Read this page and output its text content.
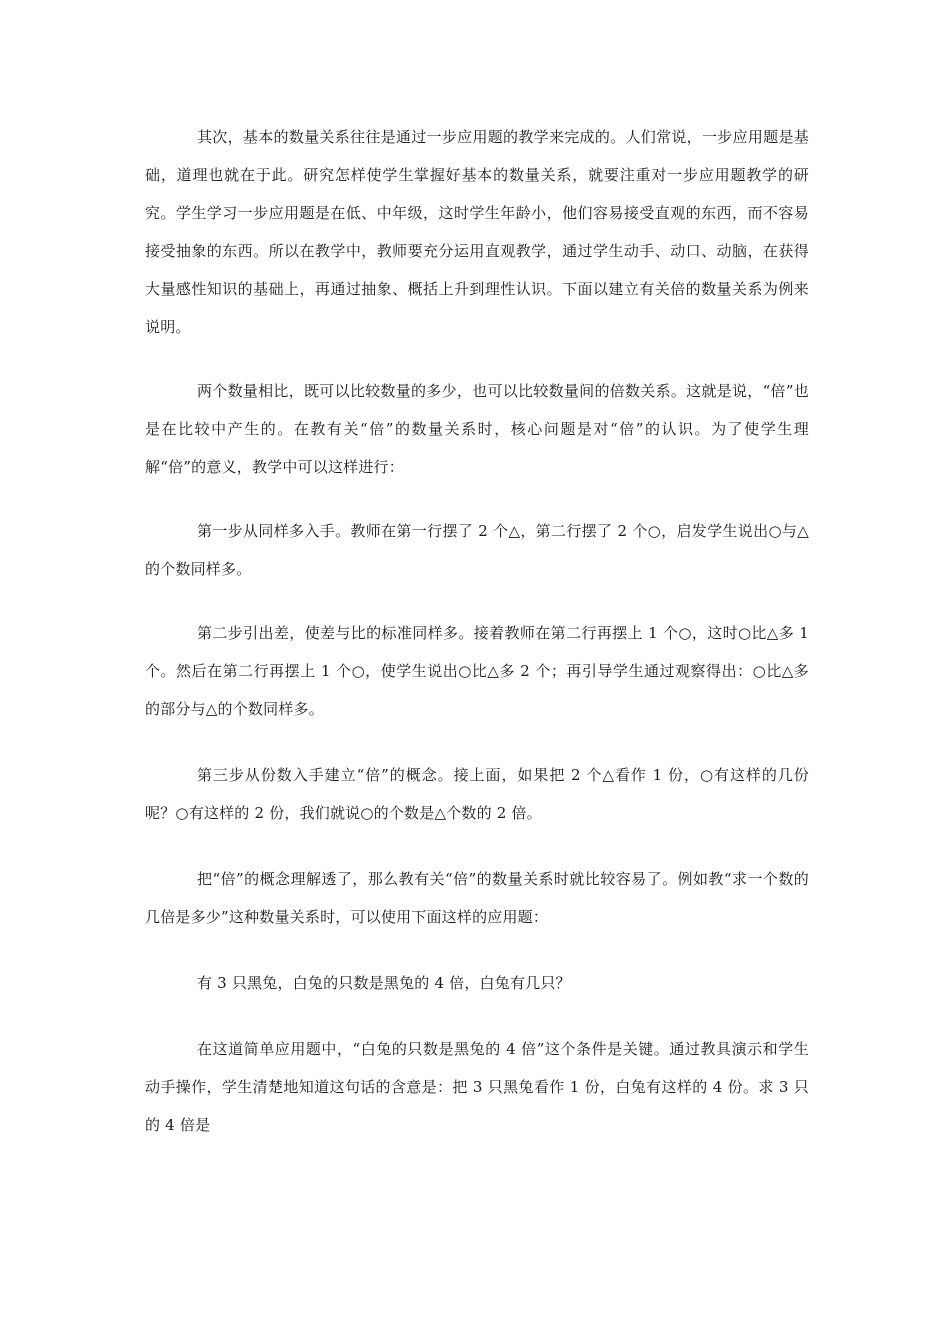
其次，基本的数量关系往往是通过一步应用题的教学来完成的。人们常说，一步应用题是基础，道理也就在于此。研究怎样使学生掌握好基本的数量关系，就要注重对一步应用题教学的研究。学生学习一步应用题是在低、中年级，这时学生年龄小，他们容易接受直观的东西，而不容易接受抽象的东西。所以在教学中，教师要充分运用直观教学，通过学生动手、动口、动脑，在获得大量感性知识的基础上，再通过抽象、概括上升到理性认识。下面以建立有关倍的数量关系为例来说明。

两个数量相比，既可以比较数量的多少，也可以比较数量间的倍数关系。这就是说，“倍”也是在比较中产生的。在教有关“倍”的数量关系时，核心问题是对“倍”的认识。为了使学生理解“倍”的意义，教学中可以这样进行：

第一步从同样多入手。教师在第一行摆了 2 个△，第二行摆了 2 个○，启发学生说出○与△的个数同样多。

第二步引出差，使差与比的标准同样多。接着教师在第二行再摆上 1 个○，这时○比△多 1 个。然后在第二行再摆上 1 个○，使学生说出○比△多 2 个；再引导学生通过观察得出：○比△多的部分与△的个数同样多。

第三步从份数入手建立“倍”的概念。接上面，如果把 2 个△看作 1 份，○有这样的几份呢？○有这样的 2 份，我们就说○的个数是△个数的 2 倍。

把“倍”的概念理解透了，那么教有关“倍”的数量关系时就比较容易了。例如教“求一个数的几倍是多少”这种数量关系时，可以使用下面这样的应用题：

有 3 只黑兔，白兔的只数是黑兔的 4 倍，白兔有几只？

在这道简单应用题中，“白兔的只数是黑兔的 4 倍”这个条件是关键。通过教具演示和学生动手操作，学生清楚地知道这句话的含意是：把 3 只黑兔看作 1 份，白兔有这样的 4 份。求 3 只的 4 倍是
